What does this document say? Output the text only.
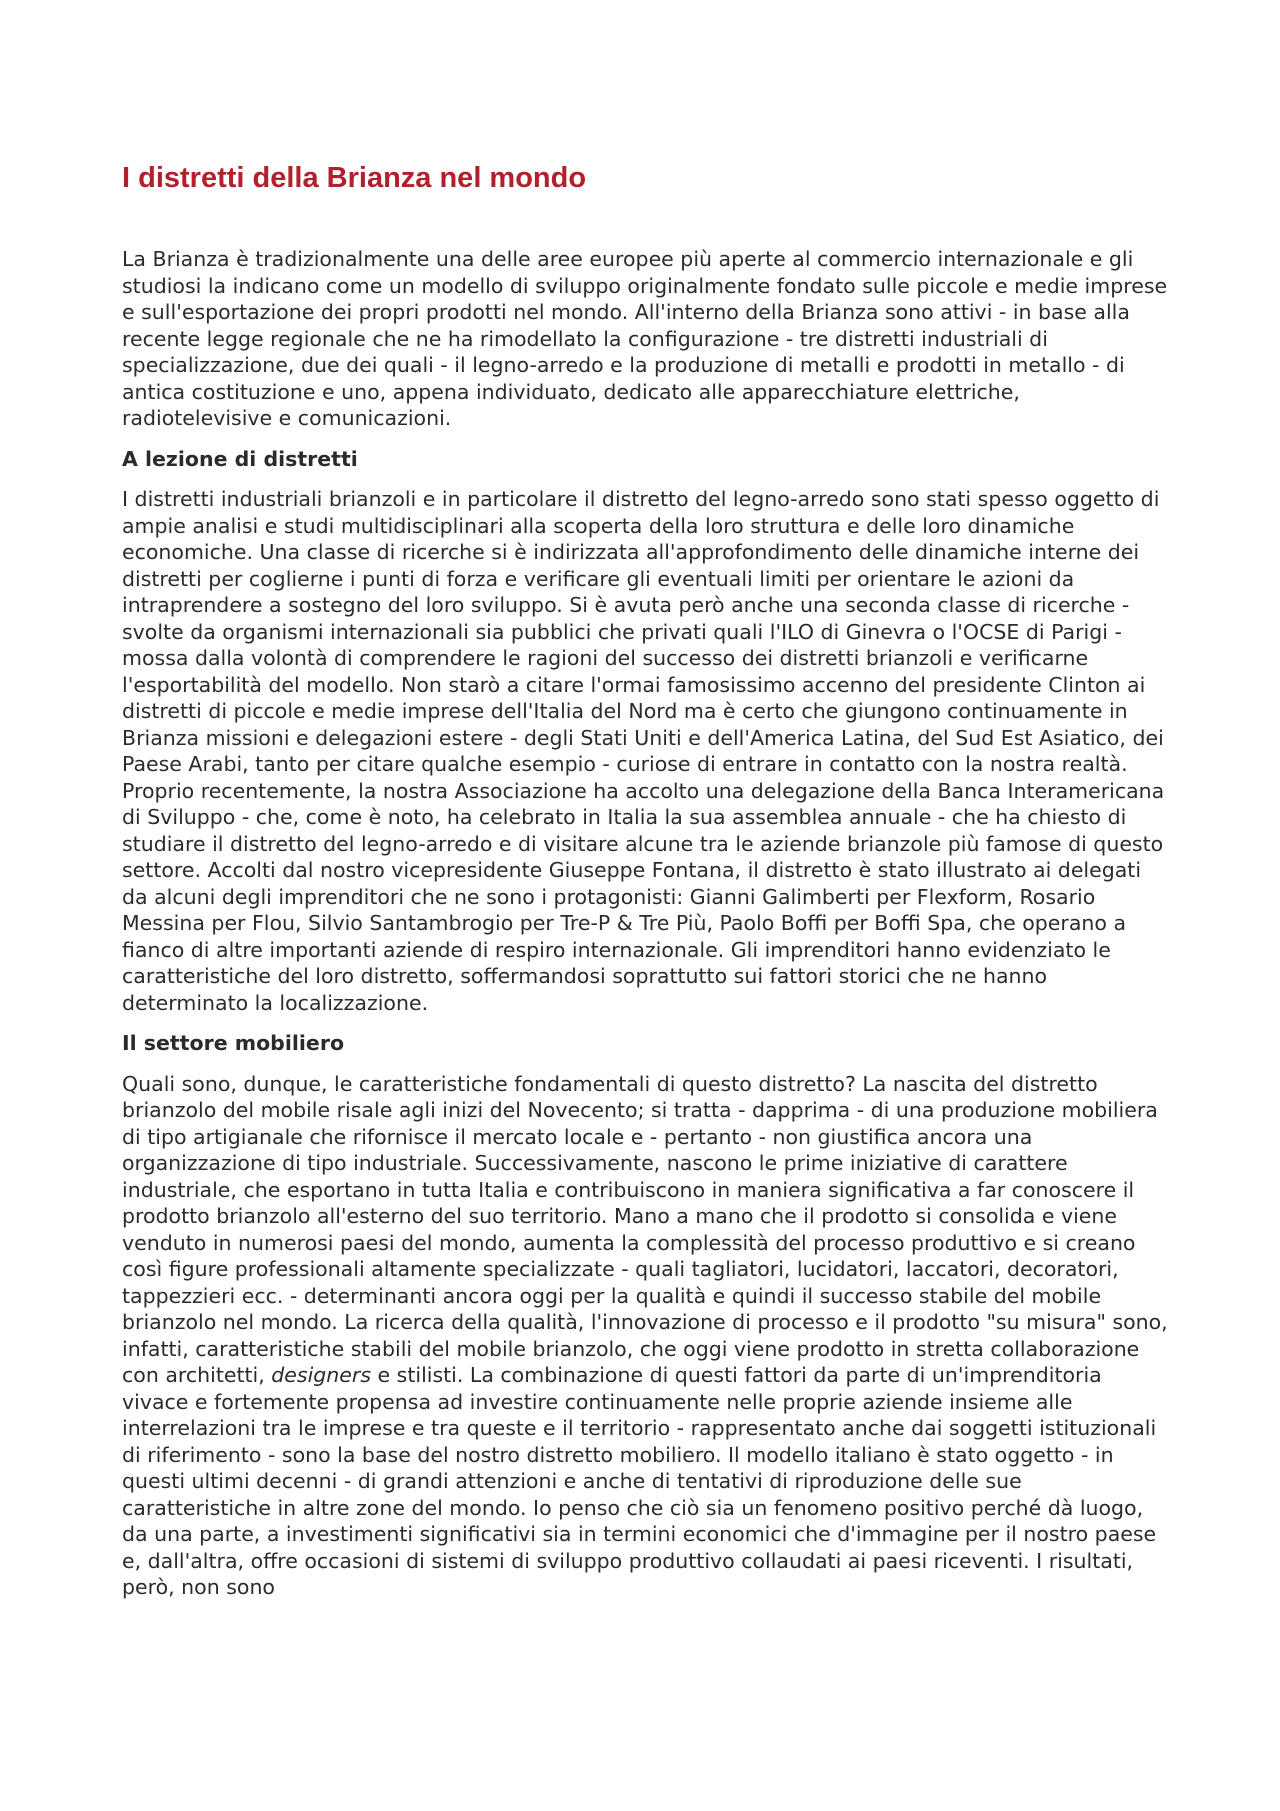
I distretti della Brianza nel mondo

La Brianza è tradizionalmente una delle aree europee più aperte al commercio internazionale e gli studiosi la indicano come un modello di sviluppo originalmente fondato sulle piccole e medie imprese e sull'esportazione dei propri prodotti nel mondo. All'interno della Brianza sono attivi - in base alla recente legge regionale che ne ha rimodellato la configurazione - tre distretti industriali di specializzazione, due dei quali - il legno-arredo e la produzione di metalli e prodotti in metallo - di antica costituzione e uno, appena individuato, dedicato alle apparecchiature elettriche, radiotelevisive e comunicazioni.

A lezione di distretti

I distretti industriali brianzoli e in particolare il distretto del legno-arredo sono stati spesso oggetto di ampie analisi e studi multidisciplinari alla scoperta della loro struttura e delle loro dinamiche economiche. Una classe di ricerche si è indirizzata all'approfondimento delle dinamiche interne dei distretti per coglierne i punti di forza e verificare gli eventuali limiti per orientare le azioni da intraprendere a sostegno del loro sviluppo. Si è avuta però anche una seconda classe di ricerche - svolte da organismi internazionali sia pubblici che privati quali l'ILO di Ginevra o l'OCSE di Parigi - mossa dalla volontà di comprendere le ragioni del successo dei distretti brianzoli e verificarne l'esportabilità del modello. Non starò a citare l'ormai famosissimo accenno del presidente Clinton ai distretti di piccole e medie imprese dell'Italia del Nord ma è certo che giungono continuamente in Brianza missioni e delegazioni estere - degli Stati Uniti e dell'America Latina, del Sud Est Asiatico, dei Paese Arabi, tanto per citare qualche esempio - curiose di entrare in contatto con la nostra realtà. Proprio recentemente, la nostra Associazione ha accolto una delegazione della Banca Interamericana di Sviluppo - che, come è noto, ha celebrato in Italia la sua assemblea annuale - che ha chiesto di studiare il distretto del legno-arredo e di visitare alcune tra le aziende brianzole più famose di questo settore. Accolti dal nostro vicepresidente Giuseppe Fontana, il distretto è stato illustrato ai delegati da alcuni degli imprenditori che ne sono i protagonisti: Gianni Galimberti per Flexform, Rosario Messina per Flou, Silvio Santambrogio per Tre-P & Tre Più, Paolo Boffi per Boffi Spa, che operano a fianco di altre importanti aziende di respiro internazionale. Gli imprenditori hanno evidenziato le caratteristiche del loro distretto, soffermandosi soprattutto sui fattori storici che ne hanno determinato la localizzazione.

Il settore mobiliero

Quali sono, dunque, le caratteristiche fondamentali di questo distretto? La nascita del distretto brianzolo del mobile risale agli inizi del Novecento; si tratta - dapprima - di una produzione mobiliera di tipo artigianale che rifornisce il mercato locale e - pertanto - non giustifica ancora una organizzazione di tipo industriale. Successivamente, nascono le prime iniziative di carattere industriale, che esportano in tutta Italia e contribuiscono in maniera significativa a far conoscere il prodotto brianzolo all'esterno del suo territorio. Mano a mano che il prodotto si consolida e viene venduto in numerosi paesi del mondo, aumenta la complessità del processo produttivo e si creano così figure professionali altamente specializzate - quali tagliatori, lucidatori, laccatori, decoratori, tappezzieri ecc. - determinanti ancora oggi per la qualità e quindi il successo stabile del mobile brianzolo nel mondo. La ricerca della qualità, l'innovazione di processo e il prodotto "su misura" sono, infatti, caratteristiche stabili del mobile brianzolo, che oggi viene prodotto in stretta collaborazione con architetti, designers e stilisti. La combinazione di questi fattori da parte di un'imprenditoria vivace e fortemente propensa ad investire continuamente nelle proprie aziende insieme alle interrelazioni tra le imprese e tra queste e il territorio - rappresentato anche dai soggetti istituzionali di riferimento - sono la base del nostro distretto mobiliero. Il modello italiano è stato oggetto - in questi ultimi decenni - di grandi attenzioni e anche di tentativi di riproduzione delle sue caratteristiche in altre zone del mondo. Io penso che ciò sia un fenomeno positivo perché dà luogo, da una parte, a investimenti significativi sia in termini economici che d'immagine per il nostro paese e, dall'altra, offre occasioni di sistemi di sviluppo produttivo collaudati ai paesi riceventi. I risultati, però, non sono
